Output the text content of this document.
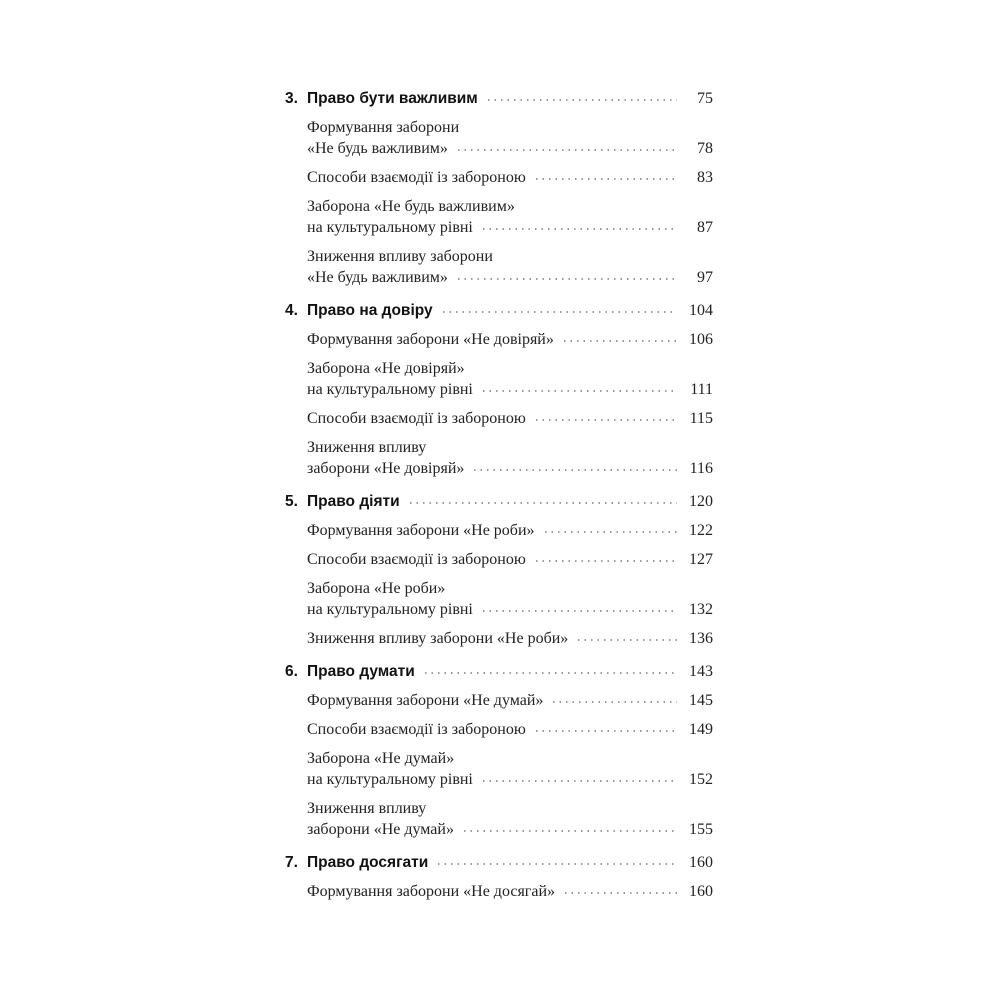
3. Право бути важливим	75
Формування заборони
«Не будь важливим»	78
Способи взаємодії із забороною	83
Заборона «Не будь важливим»
на культуральному рівні	87
Зниження впливу заборони
«Не будь важливим»	97
4. Право на довіру	104
Формування заборони «Не довіряй»	106
Заборона «Не довіряй»
на культуральному рівні	111
Способи взаємодії із забороною	115
Зниження впливу
заборони «Не довіряй»	116
5. Право діяти	120
Формування заборони «Не роби»	122
Способи взаємодії із забороною	127
Заборона «Не роби»
на культуральному рівні	132
Зниження впливу заборони «Не роби»	136
6. Право думати	143
Формування заборони «Не думай»	145
Способи взаємодії із забороною	149
Заборона «Не думай»
на культуральному рівні	152
Зниження впливу
заборони «Не думай»	155
7. Право досягати	160
Формування заборони «Не досягай»	160
